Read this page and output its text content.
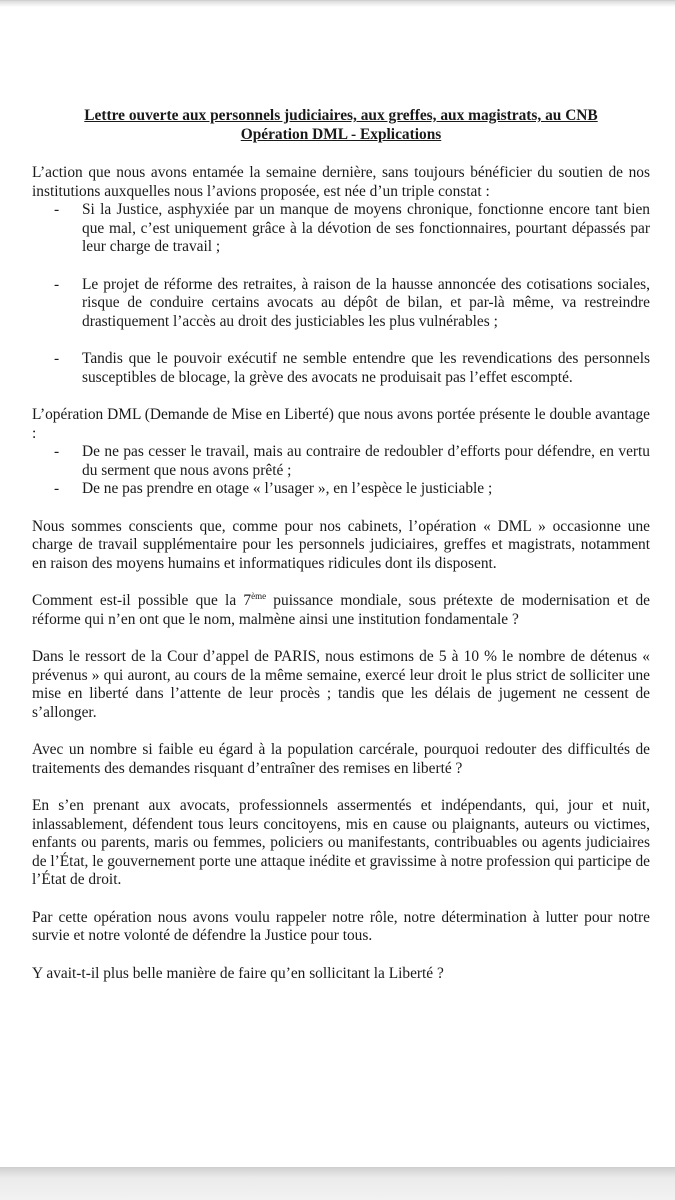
Lettre ouverte aux personnels judiciaires, aux greffes, aux magistrats, au CNB
Opération DML - Explications

L’action que nous avons entamée la semaine dernière, sans toujours bénéficier du soutien de nos institutions auxquelles nous l’avions proposée, est née d’un triple constat :

- Si la Justice, asphyxiée par un manque de moyens chronique, fonctionne encore tant bien que mal, c’est uniquement grâce à la dévotion de ses fonctionnaires, pourtant dépassés par leur charge de travail ;
- Le projet de réforme des retraites, à raison de la hausse annoncée des cotisations sociales, risque de conduire certains avocats au dépôt de bilan, et par-là même, va restreindre drastiquement l’accès au droit des justiciables les plus vulnérables ;
- Tandis que le pouvoir exécutif ne semble entendre que les revendications des personnels susceptibles de blocage, la grève des avocats ne produisait pas l’effet escompté.

L’opération DML (Demande de Mise en Liberté) que nous avons portée présente le double avantage :

- De ne pas cesser le travail, mais au contraire de redoubler d’efforts pour défendre, en vertu du serment que nous avons prêté ;
- De ne pas prendre en otage « l’usager », en l’espèce le justiciable ;

Nous sommes conscients que, comme pour nos cabinets, l’opération « DML » occasionne une charge de travail supplémentaire pour les personnels judiciaires, greffes et magistrats, notamment en raison des moyens humains et informatiques ridicules dont ils disposent.

Comment est-il possible que la 7ème puissance mondiale, sous prétexte de modernisation et de réforme qui n’en ont que le nom, malmène ainsi une institution fondamentale ?

Dans le ressort de la Cour d’appel de PARIS, nous estimons de 5 à 10 % le nombre de détenus « prévenus » qui auront, au cours de la même semaine, exercé leur droit le plus strict de solliciter une mise en liberté dans l’attente de leur procès ; tandis que les délais de jugement ne cessent de s’allonger.

Avec un nombre si faible eu égard à la population carcérale, pourquoi redouter des difficultés de traitements des demandes risquant d’entraîner des remises en liberté ?

En s’en prenant aux avocats, professionnels assermentés et indépendants, qui, jour et nuit, inlassablement, défendent tous leurs concitoyens, mis en cause ou plaignants, auteurs ou victimes, enfants ou parents, maris ou femmes, policiers ou manifestants, contribuables ou agents judiciaires de l’État, le gouvernement porte une attaque inédite et gravissime à notre profession qui participe de l’État de droit.

Par cette opération nous avons voulu rappeler notre rôle, notre détermination à lutter pour notre survie et notre volonté de défendre la Justice pour tous.

Y avait-t-il plus belle manière de faire qu’en sollicitant la Liberté ?
